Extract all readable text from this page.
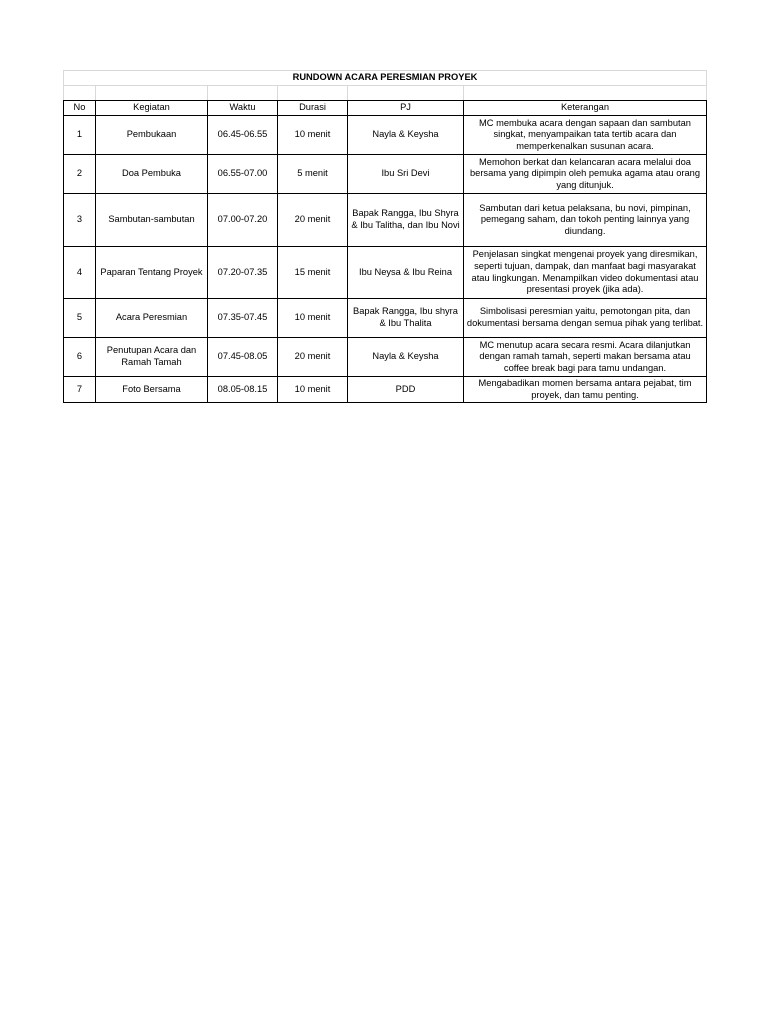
RUNDOWN ACARA PERESMIAN PROYEK					

No	Kegiatan	Waktu	Durasi	PJ	Keterangan
1	Pembukaan	06.45-06.55	10 menit	Nayla & Keysha	MC membuka acara dengan sapaan dan sambutan singkat, menyampaikan tata tertib acara dan memperkenalkan susunan acara.
2	Doa Pembuka	06.55-07.00	5 menit	Ibu Sri Devi	Memohon berkat dan kelancaran acara melalui doa bersama yang dipimpin oleh pemuka agama atau orang yang ditunjuk.
3	Sambutan-sambutan	07.00-07.20	20 menit	Bapak Rangga, Ibu Shyra & Ibu Talitha, dan Ibu Novi	Sambutan dari ketua pelaksana, bu novi, pimpinan, pemegang saham, dan tokoh penting lainnya yang diundang.
4	Paparan Tentang Proyek	07.20-07.35	15 menit	Ibu Neysa & Ibu Reina	Penjelasan singkat mengenai proyek yang diresmikan, seperti tujuan, dampak, dan manfaat bagi masyarakat atau lingkungan. Menampilkan video dokumentasi atau presentasi proyek (jika ada).
5	Acara Peresmian	07.35-07.45	10 menit	Bapak Rangga, Ibu shyra & Ibu Thalita	Simbolisasi peresmian yaitu, pemotongan pita, dan dokumentasi bersama dengan semua pihak yang terlibat.
6	Penutupan Acara dan Ramah Tamah	07.45-08.05	20 menit	Nayla & Keysha	MC menutup acara secara resmi. Acara dilanjutkan dengan ramah tamah, seperti makan bersama atau coffee break bagi para tamu undangan.
7	Foto Bersama	08.05-08.15	10 menit	PDD	Mengabadikan momen bersama antara pejabat, tim proyek, dan tamu penting.
